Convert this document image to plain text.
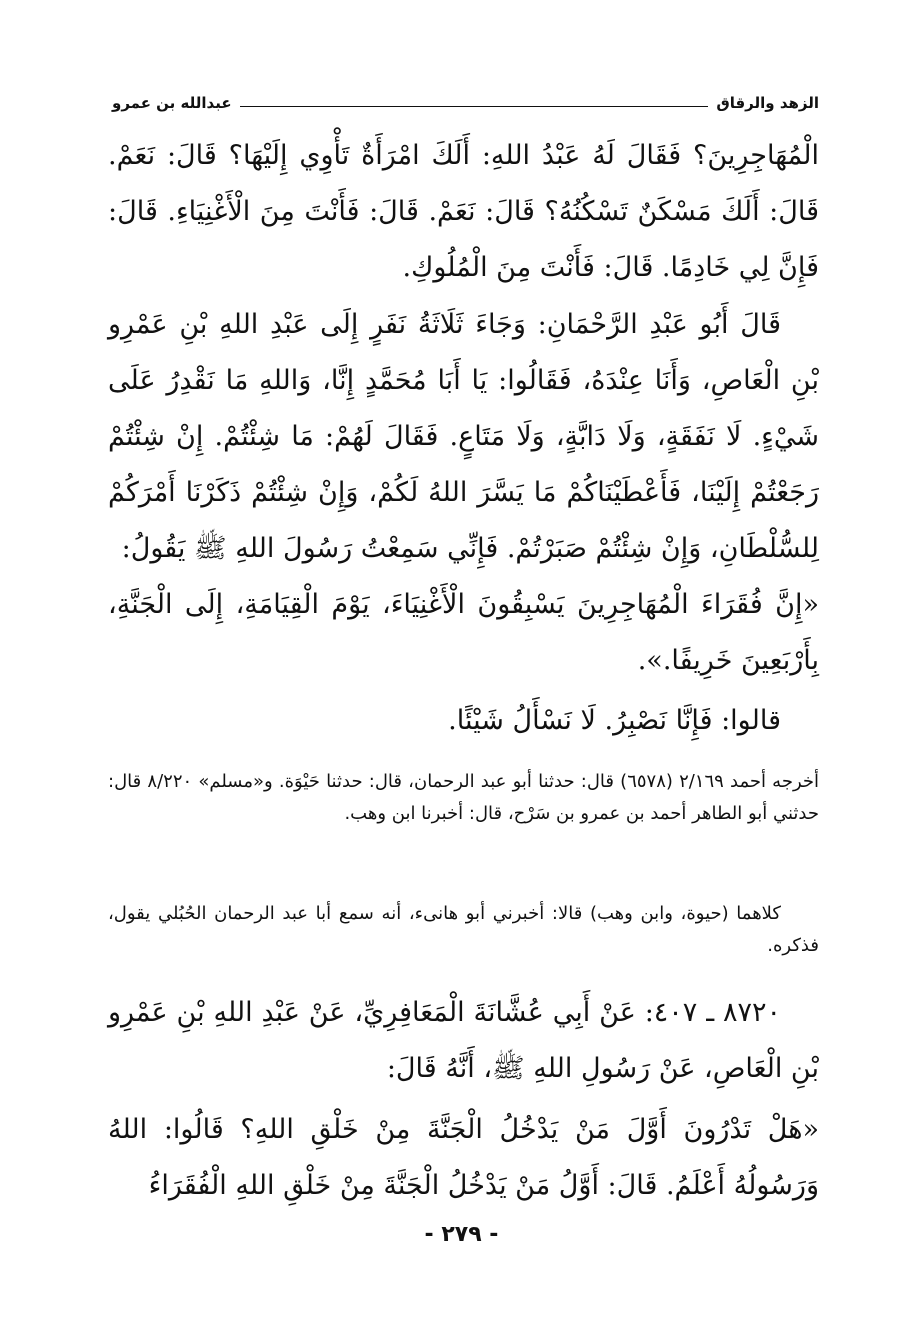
الزهد والرقاق
عبدالله بن عمرو

الْمُهَاجِرِينَ؟ فَقَالَ لَهُ عَبْدُ اللهِ: أَلَكَ امْرَأَةٌ تَأْوِي إِلَيْهَا؟ قَالَ: نَعَمْ. قَالَ: أَلَكَ مَسْكَنٌ تَسْكُنُهُ؟ قَالَ: نَعَمْ. قَالَ: فَأَنْتَ مِنَ الْأَغْنِيَاءِ. قَالَ: فَإِنَّ لِي خَادِمًا. قَالَ: فَأَنْتَ مِنَ الْمُلُوكِ.

قَالَ أَبُو عَبْدِ الرَّحْمَانِ: وَجَاءَ ثَلَاثَةُ نَفَرٍ إِلَى عَبْدِ اللهِ بْنِ عَمْرِو بْنِ الْعَاصِ، وَأَنَا عِنْدَهُ، فَقَالُوا: يَا أَبَا مُحَمَّدٍ إِنَّا، وَاللهِ مَا نَقْدِرُ عَلَى شَيْءٍ. لَا نَفَقَةٍ، وَلَا دَابَّةٍ، وَلَا مَتَاعٍ. فَقَالَ لَهُمْ: مَا شِئْتُمْ. إِنْ شِئْتُمْ رَجَعْتُمْ إِلَيْنَا، فَأَعْطَيْنَاكُمْ مَا يَسَّرَ اللهُ لَكُمْ، وَإِنْ شِئْتُمْ ذَكَرْنَا أَمْرَكُمْ لِلسُّلْطَانِ، وَإِنْ شِئْتُمْ صَبَرْتُمْ. فَإِنِّي سَمِعْتُ رَسُولَ اللهِ ﷺ يَقُولُ:

«إِنَّ فُقَرَاءَ الْمُهَاجِرِينَ يَسْبِقُونَ الْأَغْنِيَاءَ، يَوْمَ الْقِيَامَةِ، إِلَى الْجَنَّةِ، بِأَرْبَعِينَ خَرِيفًا.».

قالوا: فَإِنَّا نَصْبِرُ. لَا نَسْأَلُ شَيْئًا.

أخرجه أحمد ٢/١٦٩ (٦٥٧٨) قال: حدثنا أبو عبد الرحمان، قال: حدثنا حَيْوَة. و«مسلم» ٨/٢٢٠ قال: حدثني أبو الطاهر أحمد بن عمرو بن سَرْح، قال: أخبرنا ابن وهب.

كلاهما (حيوة، وابن وهب) قالا: أخبرني أبو هانىء، أنه سمع أبا عبد الرحمان الحُبُلي يقول، فذكره.

٨٧٢٠ ـ ٤٠٧: عَنْ أَبِي عُشَّانَةَ الْمَعَافِرِيِّ، عَنْ عَبْدِ اللهِ بْنِ عَمْرِو بْنِ الْعَاصِ، عَنْ رَسُولِ اللهِ ﷺ، أَنَّهُ قَالَ:

«هَلْ تَدْرُونَ أَوَّلَ مَنْ يَدْخُلُ الْجَنَّةَ مِنْ خَلْقِ اللهِ؟ قَالُوا: اللهُ وَرَسُولُهُ أَعْلَمُ. قَالَ: أَوَّلُ مَنْ يَدْخُلُ الْجَنَّةَ مِنْ خَلْقِ اللهِ الْفُقَرَاءُ

- ٢٧٩ -
